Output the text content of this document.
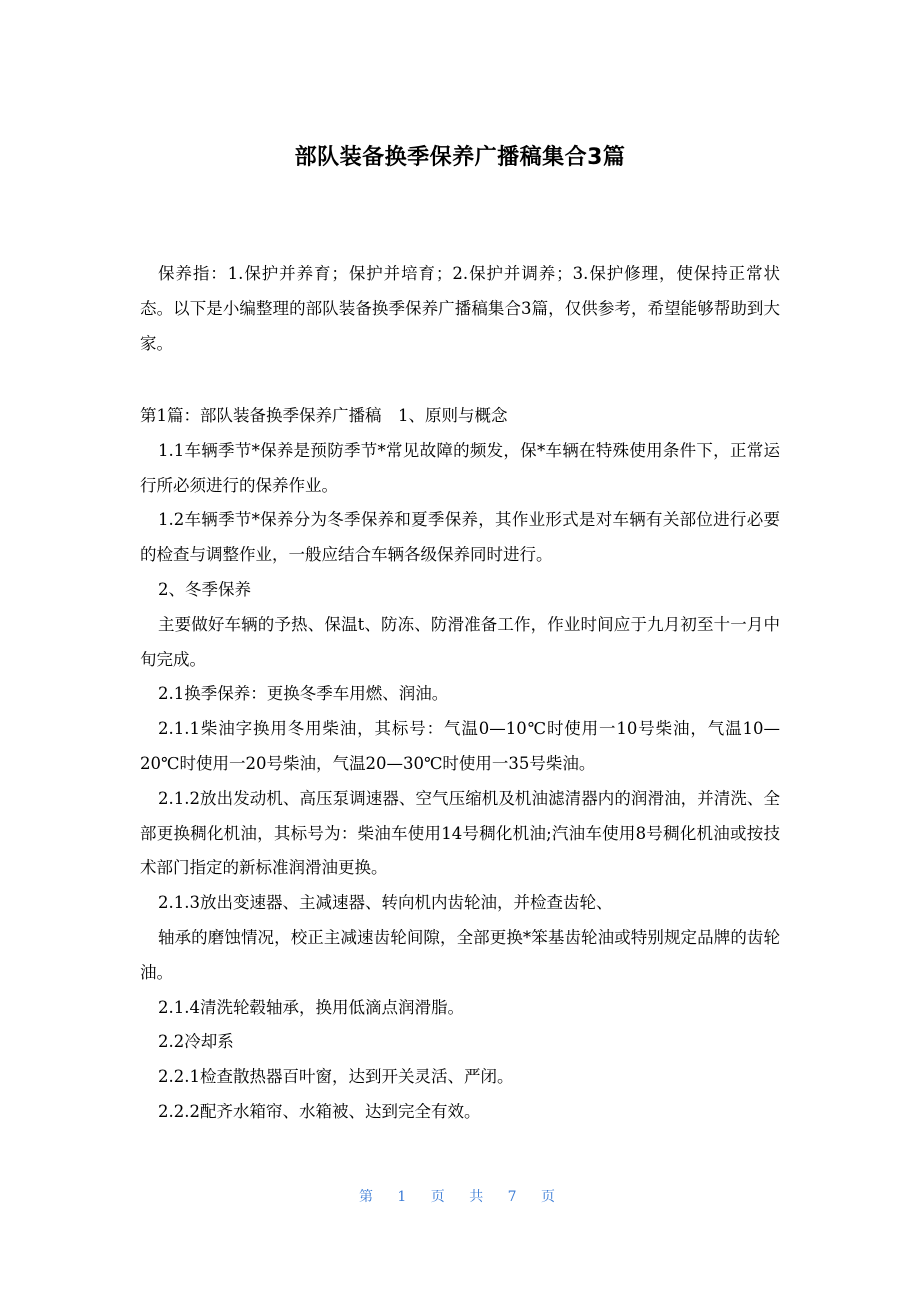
部队装备换季保养广播稿集合3篇

保养指：1.保护并养育；保护并培育；2.保护并调养；3.保护修理，使保持正常状态。以下是小编整理的部队装备换季保养广播稿集合3篇，仅供参考，希望能够帮助到大家。

第1篇：部队装备换季保养广播稿　1、原则与概念

1.1车辆季节*保养是预防季节*常见故障的频发，保*车辆在特殊使用条件下，正常运行所必须进行的保养作业。

1.2车辆季节*保养分为冬季保养和夏季保养，其作业形式是对车辆有关部位进行必要的检查与调整作业，一般应结合车辆各级保养同时进行。

2、冬季保养

主要做好车辆的予热、保温t、防冻、防滑准备工作，作业时间应于九月初至十一月中旬完成。

2.1换季保养：更换冬季车用燃、润油。

2.1.1柴油字换用冬用柴油，其标号：气温0—10℃时使用一10号柴油，气温10—20℃时使用一20号柴油，气温20—30℃时使用一35号柴油。

2.1.2放出发动机、高压泵调速器、空气压缩机及机油滤清器内的润滑油，并清洗、全部更换稠化机油，其标号为：柴油车使用14号稠化机油;汽油车使用8号稠化机油或按技术部门指定的新标准润滑油更换。

2.1.3放出变速器、主减速器、转向机内齿轮油，并检查齿轮、

轴承的磨蚀情况，校正主减速齿轮间隙，全部更换*笨基齿轮油或特别规定品牌的齿轮油。

2.1.4清洗轮毂轴承，换用低滴点润滑脂。

2.2冷却系

2.2.1检查散热器百叶窗，达到开关灵活、严闭。

2.2.2配齐水箱帘、水箱被、达到完全有效。

第 1 页 共 7 页
